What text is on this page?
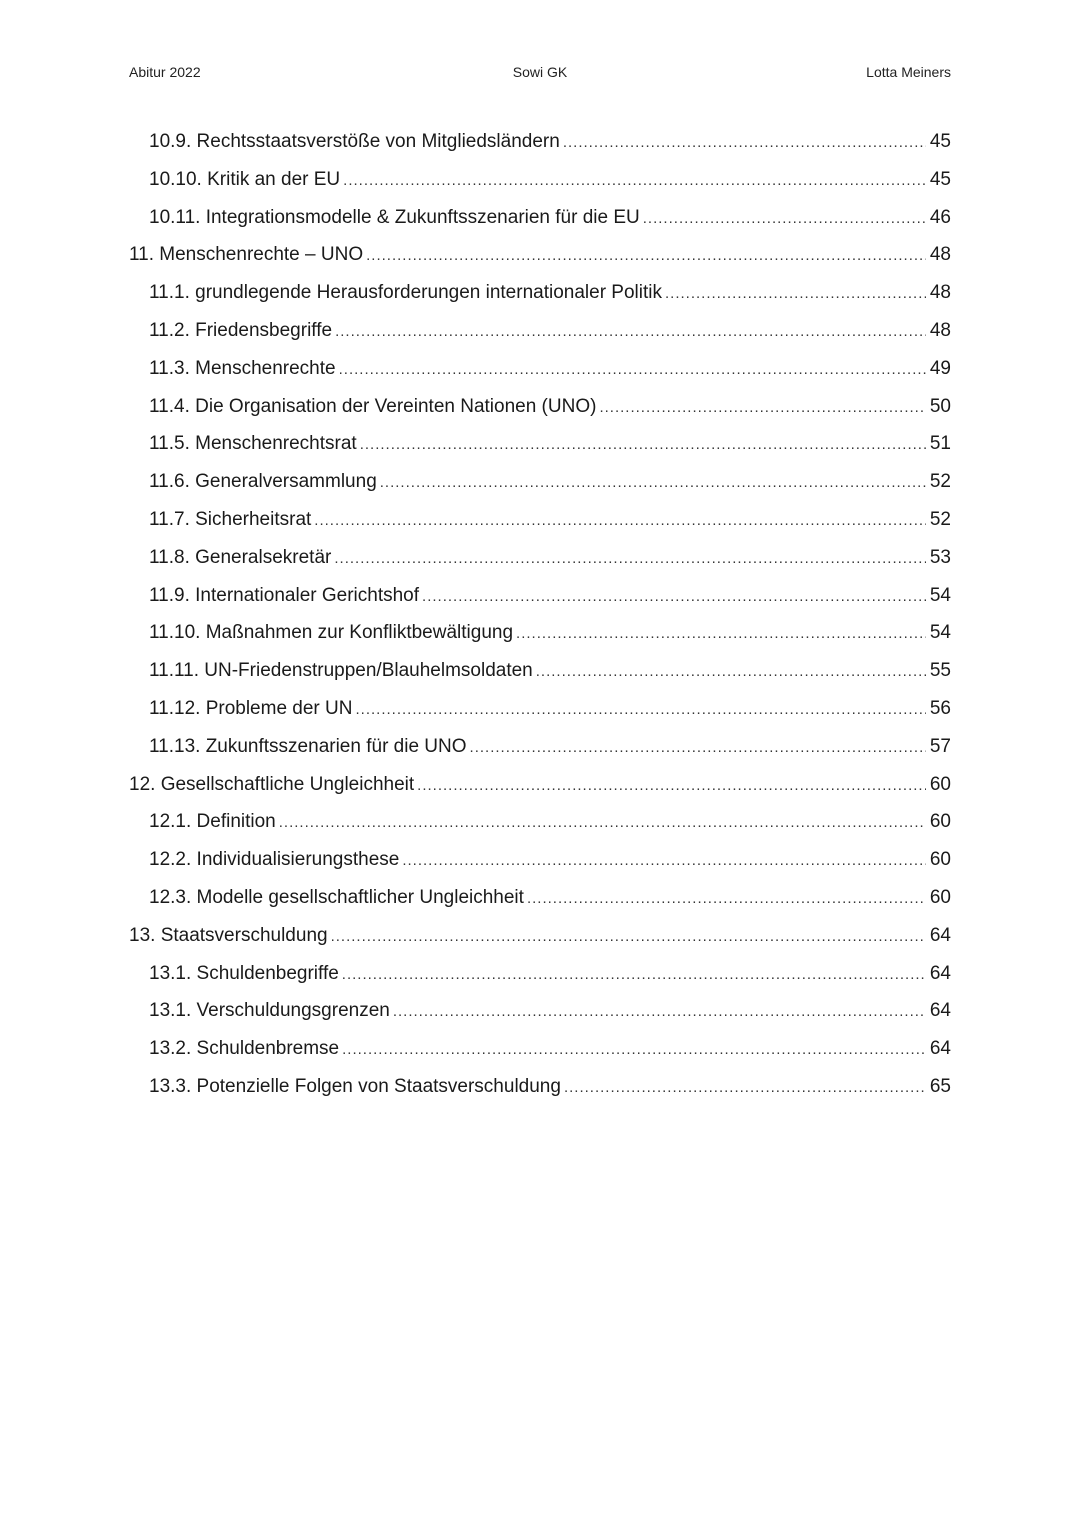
Abitur 2022	Sowi GK	Lotta Meiners
10.9. Rechtsstaatsverstöße von Mitgliedsländern .....	45
10.10. Kritik an der EU .....	45
10.11. Integrationsmodelle & Zukunftsszenarien für die EU .....	46
11. Menschenrechte – UNO .....	48
11.1. grundlegende Herausforderungen internationaler Politik .....	48
11.2. Friedensbegriffe .....	48
11.3. Menschenrechte .....	49
11.4. Die Organisation der Vereinten Nationen (UNO) .....	50
11.5. Menschenrechtsrat .....	51
11.6. Generalversammlung .....	52
11.7. Sicherheitsrat .....	52
11.8. Generalsekretär .....	53
11.9. Internationaler Gerichtshof .....	54
11.10. Maßnahmen zur Konfliktbewältigung .....	54
11.11. UN-Friedenstruppen/Blauhelmsoldaten .....	55
11.12. Probleme der UN .....	56
11.13. Zukunftsszenarien für die UNO .....	57
12. Gesellschaftliche Ungleichheit .....	60
12.1. Definition .....	60
12.2. Individualisierungsthese .....	60
12.3. Modelle gesellschaftlicher Ungleichheit .....	60
13. Staatsverschuldung .....	64
13.1. Schuldenbegriffe .....	64
13.1. Verschuldungsgrenzen .....	64
13.2. Schuldenbremse .....	64
13.3. Potenzielle Folgen von Staatsverschuldung .....	65
